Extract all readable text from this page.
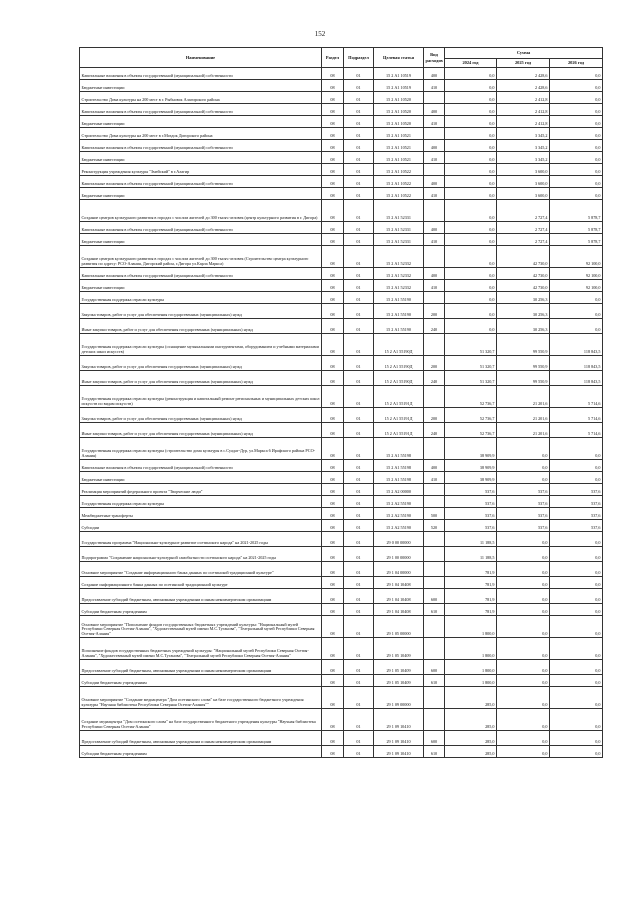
152
Наименование	Раздел	Подраздел	Целевая статья	Вид расходов	Сумма		
					2024 год	2025 год	2026 год
Капитальные вложения в объекты государственной (муниципальной) собственности	08	01	15 2 А1 10519	400	0,0	2 428,6	0,0
Бюджетные инвестиции	08	01	15 2 А1 10519	410	0,0	2 428,6	0,0
Строительство Дома культуры на 200 мест в г. Рыбновск Алагирского района	08	01	15 2 А1 10520		0,0	2 412,8	0,0
Капитальные вложения в объекты государственной (муниципальной) собственности	08	01	15 2 А1 10520	400	0,0	2 412,8	0,0
Бюджетные инвестиции	08	01	15 2 А1 10520	410	0,0	2 412,8	0,0
Строительство Дома культуры на 200 мест в г.Моздок Дигорского района	08	01	15 2 А1 10521		0,0	3 345,2	0,0
Капитальные вложения в объекты государственной (муниципальной) собственности	08	01	15 2 А1 10521	400	0,0	3 345,2	0,0
Бюджетные инвестиции	08	01	15 2 А1 10521	410	0,0	3 345,2	0,0
Реконструкция учреждения культуры "Змейский" в г.Алагир	08	01	15 2 А1 10522		0,0	3 600,0	0,0
Капитальные вложения в объекты государственной (муниципальной) собственности	08	01	15 2 А1 10522	400	0,0	3 600,0	0,0
Бюджетные инвестиции	08	01	15 2 А1 10522	410	0,0	3 600,0	0,0
Создание центров культурного развития в городах с числом жителей до 300 тысяч человек (центр культурного развития в г. Дигора)	08	01	15 2 А1 52331		0,0	2 727,4	5 878,7
Капитальные вложения в объекты государственной (муниципальной) собственности	08	01	15 2 А1 52331	400	0,0	2 727,4	5 878,7
Бюджетные инвестиции	08	01	15 2 А1 52331	410	0,0	2 727,4	5 878,7
Создание центров культурного развития в городах с числом жителей до 300 тысяч человек (Строительство центра культурного развития по адресу: РСО-Алания, Дигорский район, г.Дигора ул.Карла Маркса)	08	01	15 2 А1 52332		0,0	42 730,0	92 100,0
Капитальные вложения в объекты государственной (муниципальной) собственности	08	01	15 2 А1 52332	400	0,0	42 730,0	92 100,0
Бюджетные инвестиции	08	01	15 2 А1 52332	410	0,0	42 730,0	92 100,0
Государственная поддержка отрасли культуры	08	01	15 2 А1 55190		0,0	30 256,3	0,0
Закупка товаров, работ и услуг для обеспечения государственных (муниципальных) нужд	08	01	15 2 А1 55190	200	0,0	30 256,3	0,0
Иные закупки товаров, работ и услуг для обеспечения государственных (муниципальных) нужд	08	01	15 2 А1 55190	240	0,0	30 256,3	0,0
Государственная поддержка отрасли культуры (оснащение музыкальными инструментами, оборудованием и учебными материалами детских школ искусств)	08	01	15 2 А1 55190Д		51 320,7	99 550,9	118 843,5
Закупка товаров, работ и услуг для обеспечения государственных (муниципальных) нужд	08	01	15 2 А1 55190Д	200	51 320,7	99 550,9	118 843,5
Иные закупки товаров, работ и услуг для обеспечения государственных (муниципальных) нужд	08	01	15 2 А1 55190Д	240	51 320,7	99 550,9	118 843,5
Государственная поддержка отрасли культуры (реконструкция и капитальный ремонт региональных и муниципальных детских школ искусств по видам искусств)	08	01	15 2 А1 55191Д		52 736,7	21 201,6	5 714,6
Закупка товаров, работ и услуг для обеспечения государственных (муниципальных) нужд	08	01	15 2 А1 55191Д	200	52 736,7	21 201,6	5 714,6
Иные закупки товаров, работ и услуг для обеспечения государственных (муниципальных) нужд	08	01	15 2 А1 55191Д	240	52 736,7	21 201,6	5 714,6
Государственная поддержка отрасли культуры (строительство дома культуры в с.Суадаг-Дур, ул.Маркса 6 Ирафского района РСО-Алания)	08	01	15 2 А1 55198		38 909,9	0,0	0,0
Капитальные вложения в объекты государственной (муниципальной) собственности	08	01	15 2 А1 55198	400	38 909,9	0,0	0,0
Бюджетные инвестиции	08	01	15 2 А1 55198	410	38 909,9	0,0	0,0
Реализация мероприятий федерального проекта "Творческие люди"	08	01	15 2 А2 00000		537,6	537,6	537,6
Государственная поддержка отрасли культуры	08	01	15 2 А2 55190		537,6	537,6	537,6
Межбюджетные трансферты	08	01	15 2 А2 55190	500	537,6	537,6	537,6
Субсидии	08	01	15 2 А2 55190	520	537,6	537,6	537,6
Государственная программа "Национально-культурное развитие осетинского народа" на 2021-2025 годы	08	01	29 0 00 00000		11 188,5	0,0	0,0
Подпрограмма "Сохранение национально-культурной самобытности осетинского народа" на 2021-2025 годы	08	01	29 1 00 00000		11 188,5	0,0	0,0
Основное мероприятие "Создание информационного банка данных по осетинской традиционной культуре"	08	01	29 1 04 00000		781,9	0,0	0,0
Создание информационного банка данных по осетинской традиционной культуре	08	01	29 1 04 10408		781,9	0,0	0,0
Предоставление субсидий бюджетным, автономным учреждениям и иным некоммерческим организациям	08	01	29 1 04 10408	600	781,9	0,0	0,0
Субсидии бюджетным учреждениям	08	01	29 1 04 10408	610	781,9	0,0	0,0
Основное мероприятие "Пополнение фондов государственных бюджетных учреждений культуры: "Национальный музей Республики Северная Осетия-Алания", "Художественный музей имени М.С.Туганова", "Театральный музей Республики Северная Осетия-Алания"	08	01	29 1 05 00000		1 800,0	0,0	0,0
Пополнение фондов государственных бюджетных учреждений культуры: "Национальный музей Республики Северная Осетия-Алания", "Художественный музей имени М.С.Туганова", "Театральный музей Республики Северная Осетия-Алания"	08	01	29 1 05 10409		1 800,0	0,0	0,0
Предоставление субсидий бюджетным, автономным учреждениям и иным некоммерческим организациям	08	01	29 1 05 10409	600	1 800,0	0,0	0,0
Субсидии бюджетным учреждениям	08	01	29 1 05 10409	610	1 800,0	0,0	0,0
Основное мероприятие "Создание медиацентра "Дом осетинского слова" на базе государственного бюджетного учреждения культуры "Научная библиотека Республики Северная Осетия-Алания""	08	01	29 1 09 00000		285,0	0,0	0,0
Создание медиацентра "Дом осетинского слова" на базе государственного бюджетного учреждения культуры "Научная библиотека Республики Северная Осетия-Алания"	08	01	29 1 09 10410		285,0	0,0	0,0
Предоставление субсидий бюджетным, автономным учреждениям и иным некоммерческим организациям	08	01	29 1 09 10410	600	285,0	0,0	0,0
Субсидии бюджетным учреждениям	08	01	29 1 09 10410	610	285,0	0,0	0,0
